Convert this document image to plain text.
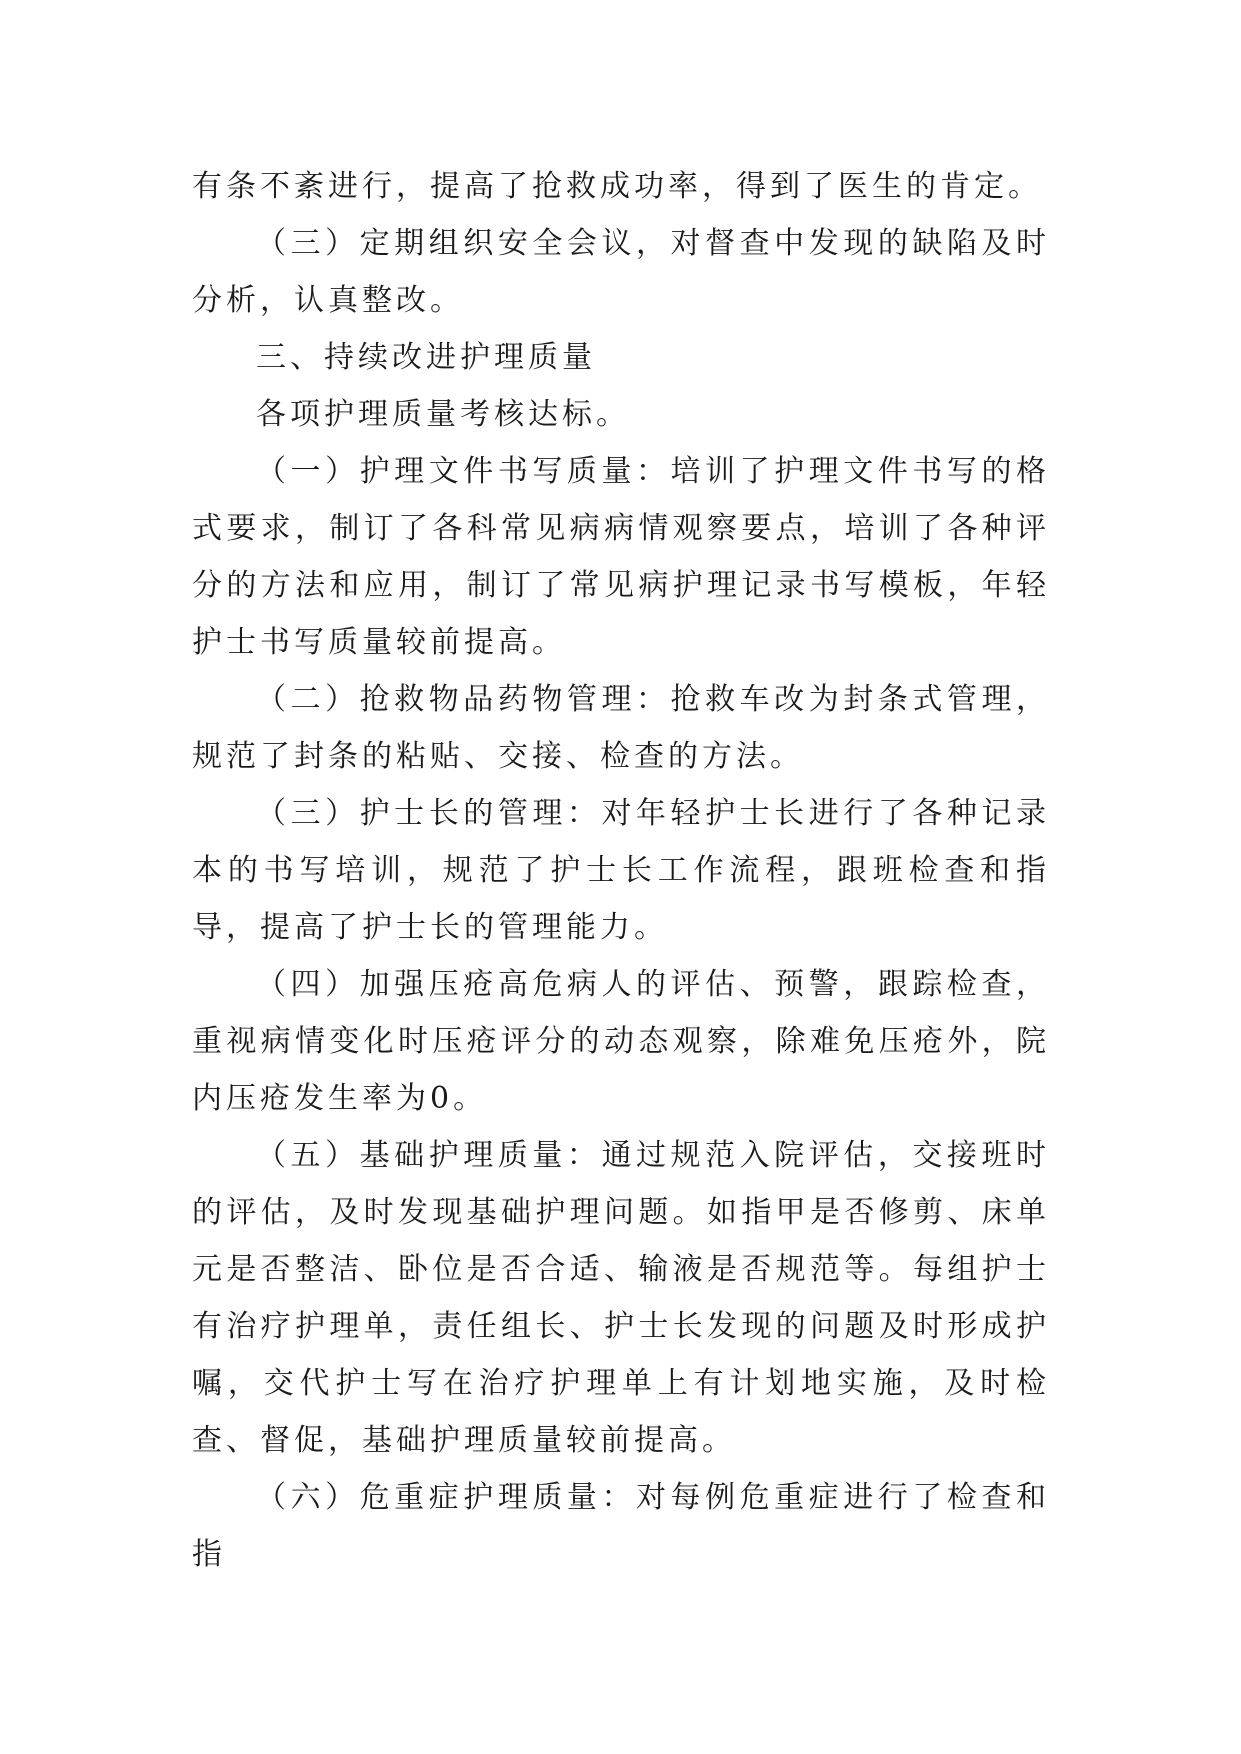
有条不紊进行，提高了抢救成功率，得到了医生的肯定。

（三）定期组织安全会议，对督查中发现的缺陷及时分析，认真整改。

三、持续改进护理质量

各项护理质量考核达标。

（一）护理文件书写质量：培训了护理文件书写的格式要求，制订了各科常见病病情观察要点，培训了各种评分的方法和应用，制订了常见病护理记录书写模板，年轻护士书写质量较前提高。

（二）抢救物品药物管理：抢救车改为封条式管理，规范了封条的粘贴、交接、检查的方法。

（三）护士长的管理：对年轻护士长进行了各种记录本的书写培训，规范了护士长工作流程，跟班检查和指导，提高了护士长的管理能力。

（四）加强压疮高危病人的评估、预警，跟踪检查，重视病情变化时压疮评分的动态观察，除难免压疮外，院内压疮发生率为0。

（五）基础护理质量：通过规范入院评估，交接班时的评估，及时发现基础护理问题。如指甲是否修剪、床单元是否整洁、卧位是否合适、输液是否规范等。每组护士有治疗护理单，责任组长、护士长发现的问题及时形成护嘱，交代护士写在治疗护理单上有计划地实施，及时检查、督促，基础护理质量较前提高。

（六）危重症护理质量：对每例危重症进行了检查和指
